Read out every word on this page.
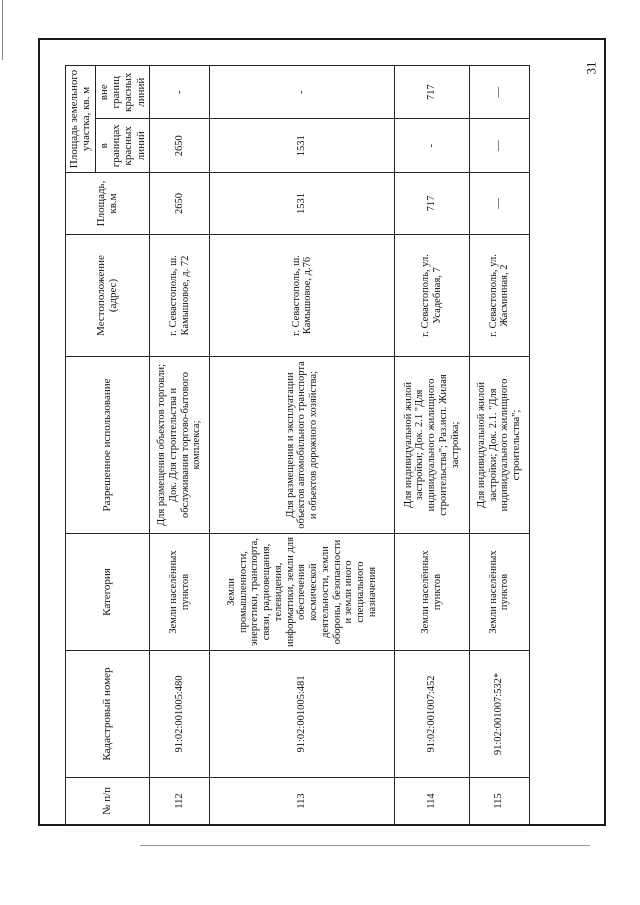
31
№ п/п	Кадастровый номер	Категория	Разрешенное использование	Местоположение (адрес)	Площадь, кв.м	Площадь земельного участка, кв. м	
						в границах красных линий	вне границ красных линий
112	91:02:001005:480	Земли населённых пунктов	Для размещения объектов торговли; Док. Для строительства и обслуживания торгово-бытового комплекса;	г. Севастополь, ш. Камышовое, д. 72	2650	2650	-
113	91:02:001005:481	Земли промышленности, энергетики, транспорта, связи, радиовещания, телевидения, информатики, земли для обеспечения космической деятельности, земли обороны, безопасности и земли иного специального назначения	Для размещения и эксплуатации объектов автомобильного транспорта и объектов дорожного хозяйства;	г. Севастополь, ш. Камышовое, д.76	1531	1531	-
114	91:02:001007:452	Земли населённых пунктов	Для индивидуальной жилой застройки; Док. 2.1 "Для индивидуального жилищного строительства"; Раз.исп. Жилая застройка;	г. Севастополь, ул. Усадебная, 7	717	-	717
115	91:02:001007:532*	Земли населённых пунктов	Для индивидуальной жилой застройки; Док. 2.1. "Для индивидуального жилищного строительства";	г. Севастополь, ул. Жасминная, 2	—	—	—
